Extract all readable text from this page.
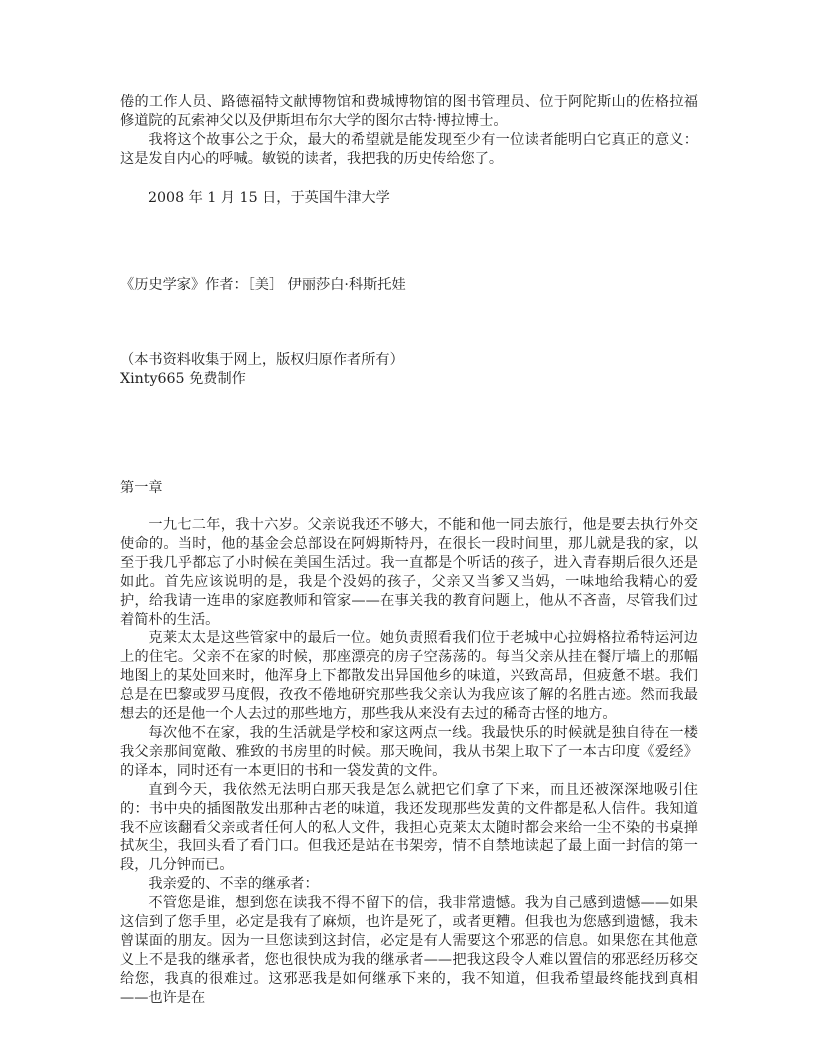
倦的工作人员、路德福特文献博物馆和费城博物馆的图书管理员、位于阿陀斯山的佐格拉福修道院的瓦索神父以及伊斯坦布尔大学的图尔古特·博拉博士。

我将这个故事公之于众，最大的希望就是能发现至少有一位读者能明白它真正的意义：这是发自内心的呼喊。敏锐的读者，我把我的历史传给您了。

2008 年 1 月 15 日，于英国牛津大学
《历史学家》作者：［美］ 伊丽莎白·科斯托娃
（本书资料收集于网上，版权归原作者所有）
Xinty665 免费制作
第一章

一九七二年，我十六岁。父亲说我还不够大，不能和他一同去旅行，他是要去执行外交使命的。当时，他的基金会总部设在阿姆斯特丹，在很长一段时间里，那儿就是我的家，以至于我几乎都忘了小时候在美国生活过。我一直都是个听话的孩子，进入青春期后很久还是如此。首先应该说明的是，我是个没妈的孩子，父亲又当爹又当妈，一味地给我精心的爱护，给我请一连串的家庭教师和管家——在事关我的教育问题上，他从不吝啬，尽管我们过着简朴的生活。

克莱太太是这些管家中的最后一位。她负责照看我们位于老城中心拉姆格拉希特运河边上的住宅。父亲不在家的时候，那座漂亮的房子空荡荡的。每当父亲从挂在餐厅墙上的那幅地图上的某处回来时，他浑身上下都散发出异国他乡的味道，兴致高昂，但疲惫不堪。我们总是在巴黎或罗马度假，孜孜不倦地研究那些我父亲认为我应该了解的名胜古迹。然而我最想去的还是他一个人去过的那些地方，那些我从来没有去过的稀奇古怪的地方。

每次他不在家，我的生活就是学校和家这两点一线。我最快乐的时候就是独自待在一楼我父亲那间宽敞、雅致的书房里的时候。那天晚间，我从书架上取下了一本古印度《爱经》的译本，同时还有一本更旧的书和一袋发黄的文件。

直到今天，我依然无法明白那天我是怎么就把它们拿了下来，而且还被深深地吸引住的：书中央的插图散发出那种古老的味道，我还发现那些发黄的文件都是私人信件。我知道我不应该翻看父亲或者任何人的私人文件，我担心克莱太太随时都会来给一尘不染的书桌掸拭灰尘，我回头看了看门口。但我还是站在书架旁，情不自禁地读起了最上面一封信的第一段，几分钟而已。

我亲爱的、不幸的继承者：

不管您是谁，想到您在读我不得不留下的信，我非常遗憾。我为自己感到遗憾——如果这信到了您手里，必定是我有了麻烦，也许是死了，或者更糟。但我也为您感到遗憾，我未曾谋面的朋友。因为一旦您读到这封信，必定是有人需要这个邪恶的信息。如果您在其他意义上不是我的继承者，您也很快成为我的继承者——把我这段令人难以置信的邪恶经历移交给您，我真的很难过。这邪恶我是如何继承下来的，我不知道，但我希望最终能找到真相——也许是在
